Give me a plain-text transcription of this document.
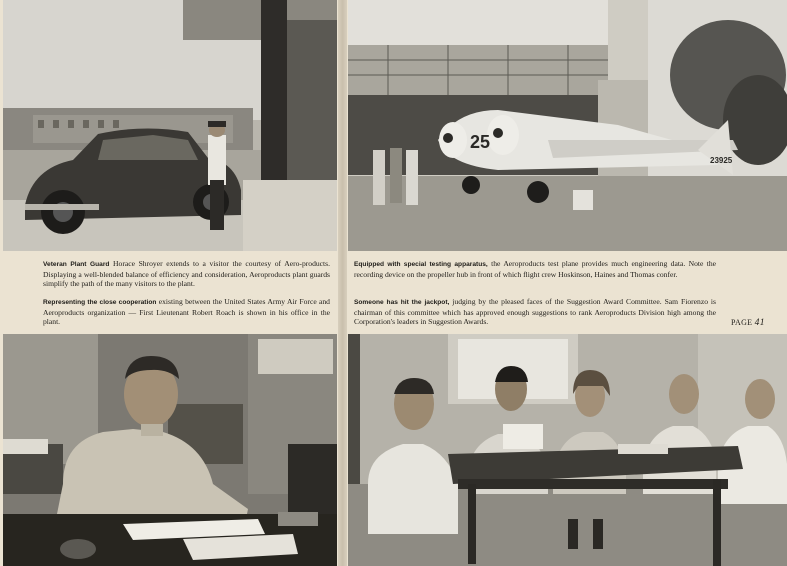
25
23925
Veteran Plant Guard Horace Shroyer extends to a visitor the courtesy of Aero-products. Displaying a well-blended balance of efficiency and consideration, Aeroproducts plant guards simplify the path of the many visitors to the plant.
Representing the close cooperation existing between the United States Army Air Force and Aeroproducts organization — First Lieutenant Robert Roach is shown in his office in the plant.
Equipped with special testing apparatus, the Aeroproducts test plane provides much engineering data. Note the recording device on the propeller hub in front of which flight crew Hoskinson, Haines and Thomas confer.
Someone has hit the jackpot, judging by the pleased faces of the Suggestion Award Committee. Sam Fiorenzo is chairman of this committee which has approved enough suggestions to rank Aeroproducts Division high among the Corporation's leaders in Suggestion Awards.	PAGE 41
